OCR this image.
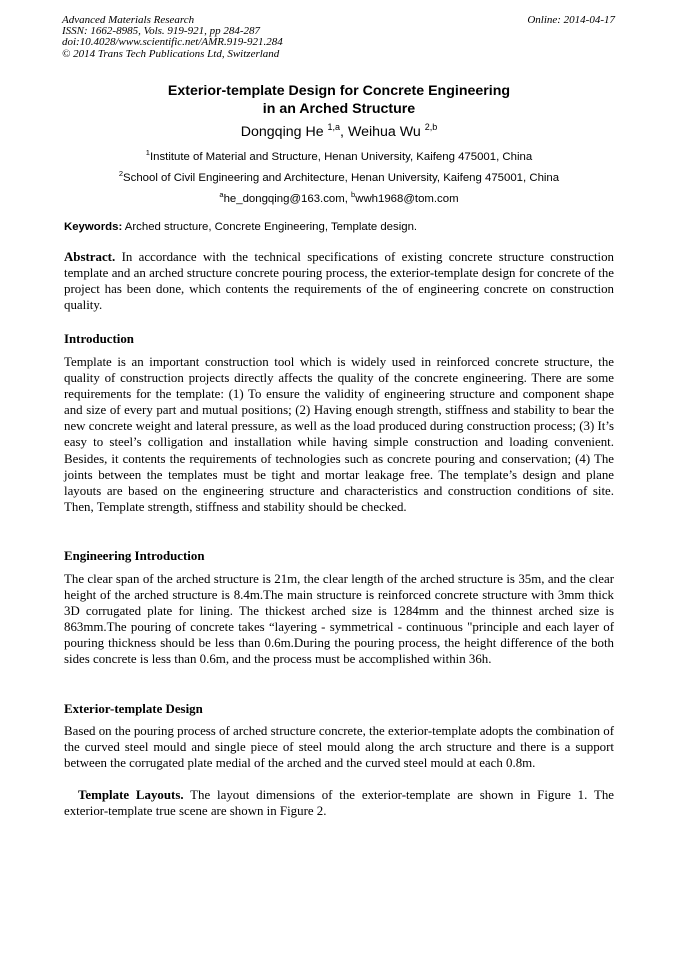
Advanced Materials Research
ISSN: 1662-8985, Vols. 919-921, pp 284-287
doi:10.4028/www.scientific.net/AMR.919-921.284
© 2014 Trans Tech Publications Ltd, Switzerland
Online: 2014-04-17
Exterior-template Design for Concrete Engineering
in an Arched Structure
Dongqing He $^{1,a}$, Weihua Wu $^{2,b}$
$^1$Institute of Material and Structure, Henan University, Kaifeng 475001, China
$^2$School of Civil Engineering and Architecture, Henan University, Kaifeng 475001, China
$^a$he_dongqing@163.com, $^b$wwh1968@tom.com
Keywords: Arched structure, Concrete Engineering, Template design.
Abstract. In accordance with the technical specifications of existing concrete structure construction template and an arched structure concrete pouring process, the exterior-template design for concrete of the project has been done, which contents the requirements of the of engineering concrete on construction quality.
Introduction
Template is an important construction tool which is widely used in reinforced concrete structure, the quality of construction projects directly affects the quality of the concrete engineering. There are some requirements for the template: (1) To ensure the validity of engineering structure and component shape and size of every part and mutual positions; (2) Having enough strength, stiffness and stability to bear the new concrete weight and lateral pressure, as well as the load produced during construction process; (3) It’s easy to steel’s colligation and installation while having simple construction and loading convenient. Besides, it contents the requirements of technologies such as concrete pouring and conservation; (4) The joints between the templates must be tight and mortar leakage free. The template’s design and plane layouts are based on the engineering structure and characteristics and construction conditions of site. Then, Template strength, stiffness and stability should be checked.
Engineering Introduction
The clear span of the arched structure is 21m, the clear length of the arched structure is 35m, and the clear height of the arched structure is 8.4m.The main structure is reinforced concrete structure with 3mm thick 3D corrugated plate for lining. The thickest arched size is 1284mm and the thinnest arched size is 863mm.The pouring of concrete takes “layering - symmetrical - continuous "principle and each layer of pouring thickness should be less than 0.6m.During the pouring process, the height difference of the both sides concrete is less than 0.6m, and the process must be accomplished within 36h.
Exterior-template Design
Based on the pouring process of arched structure concrete, the exterior-template adopts the combination of the curved steel mould and single piece of steel mould along the arch structure and there is a support between the corrugated plate medial of the arched and the curved steel mould at each 0.8m.
Template Layouts. The layout dimensions of the exterior-template are shown in Figure 1. The exterior-template true scene are shown in Figure 2.
